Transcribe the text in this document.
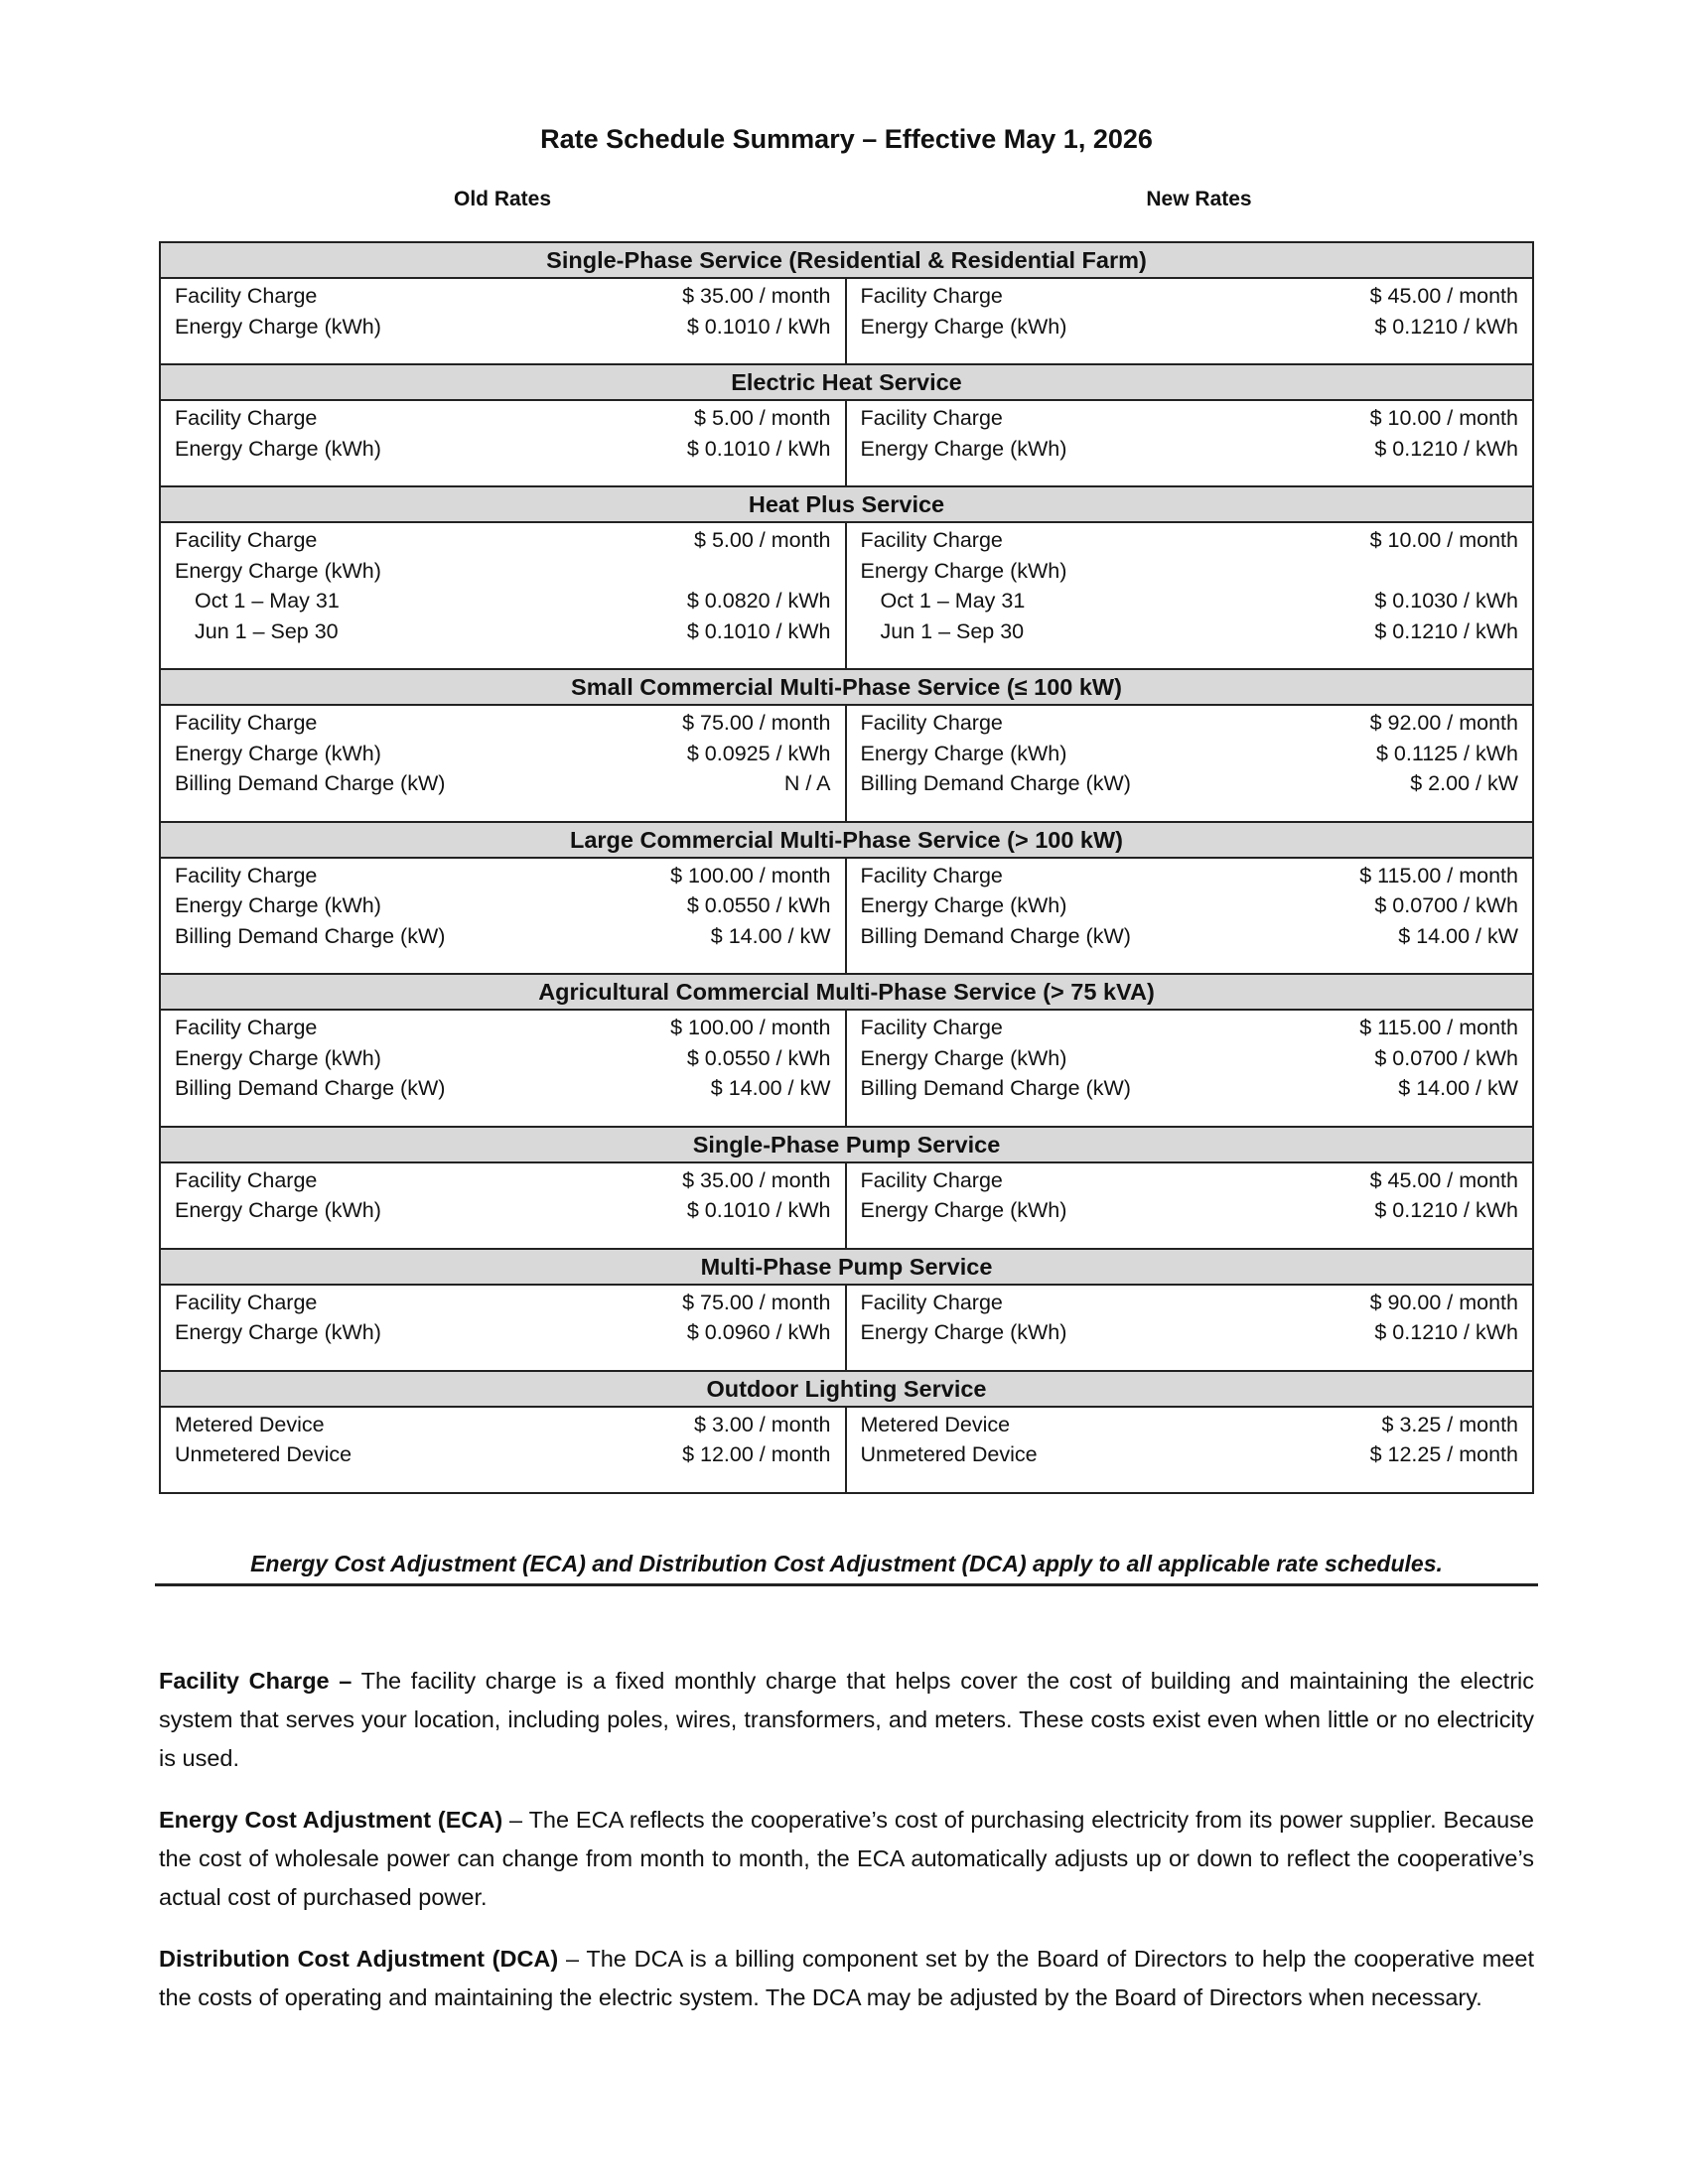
Rate Schedule Summary – Effective May 1, 2026
Old Rates	New Rates
Single-Phase Service (Residential & Residential Farm)
Facility Charge	$ 35.00 / month
Energy Charge (kWh)	$ 0.1010 / kWh
Facility Charge	$ 45.00 / month
Energy Charge (kWh)	$ 0.1210 / kWh
Electric Heat Service
Facility Charge	$ 5.00 / month
Energy Charge (kWh)	$ 0.1010 / kWh
Facility Charge	$ 10.00 / month
Energy Charge (kWh)	$ 0.1210 / kWh
Heat Plus Service
Facility Charge	$ 5.00 / month
Energy Charge (kWh)
Oct 1 – May 31	$ 0.0820 / kWh
Jun 1 – Sep 30	$ 0.1010 / kWh
Facility Charge	$ 10.00 / month
Energy Charge (kWh)
Oct 1 – May 31	$ 0.1030 / kWh
Jun 1 – Sep 30	$ 0.1210 / kWh
Small Commercial Multi-Phase Service (≤ 100 kW)
Facility Charge	$ 75.00 / month
Energy Charge (kWh)	$ 0.0925 / kWh
Billing Demand Charge (kW)	N / A
Facility Charge	$ 92.00 / month
Energy Charge (kWh)	$ 0.1125 / kWh
Billing Demand Charge (kW)	$ 2.00 / kW
Large Commercial Multi-Phase Service (> 100 kW)
Facility Charge	$ 100.00 / month
Energy Charge (kWh)	$ 0.0550 / kWh
Billing Demand Charge (kW)	$ 14.00 / kW
Facility Charge	$ 115.00 / month
Energy Charge (kWh)	$ 0.0700 / kWh
Billing Demand Charge (kW)	$ 14.00 / kW
Agricultural Commercial Multi-Phase Service (> 75 kVA)
Facility Charge	$ 100.00 / month
Energy Charge (kWh)	$ 0.0550 / kWh
Billing Demand Charge (kW)	$ 14.00 / kW
Facility Charge	$ 115.00 / month
Energy Charge (kWh)	$ 0.0700 / kWh
Billing Demand Charge (kW)	$ 14.00 / kW
Single-Phase Pump Service
Facility Charge	$ 35.00 / month
Energy Charge (kWh)	$ 0.1010 / kWh
Facility Charge	$ 45.00 / month
Energy Charge (kWh)	$ 0.1210 / kWh
Multi-Phase Pump Service
Facility Charge	$ 75.00 / month
Energy Charge (kWh)	$ 0.0960 / kWh
Facility Charge	$ 90.00 / month
Energy Charge (kWh)	$ 0.1210 / kWh
Outdoor Lighting Service
Metered Device	$ 3.00 / month
Unmetered Device	$ 12.00 / month
Metered Device	$ 3.25 / month
Unmetered Device	$ 12.25 / month
Energy Cost Adjustment (ECA) and Distribution Cost Adjustment (DCA) apply to all applicable rate schedules.

Facility Charge – The facility charge is a fixed monthly charge that helps cover the cost of building and maintaining the electric system that serves your location, including poles, wires, transformers, and meters. These costs exist even when little or no electricity is used.

Energy Cost Adjustment (ECA) – The ECA reflects the cooperative’s cost of purchasing electricity from its power supplier. Because the cost of wholesale power can change from month to month, the ECA automatically adjusts up or down to reflect the cooperative’s actual cost of purchased power.

Distribution Cost Adjustment (DCA) – The DCA is a billing component set by the Board of Directors to help the cooperative meet the costs of operating and maintaining the electric system. The DCA may be adjusted by the Board of Directors when necessary.
